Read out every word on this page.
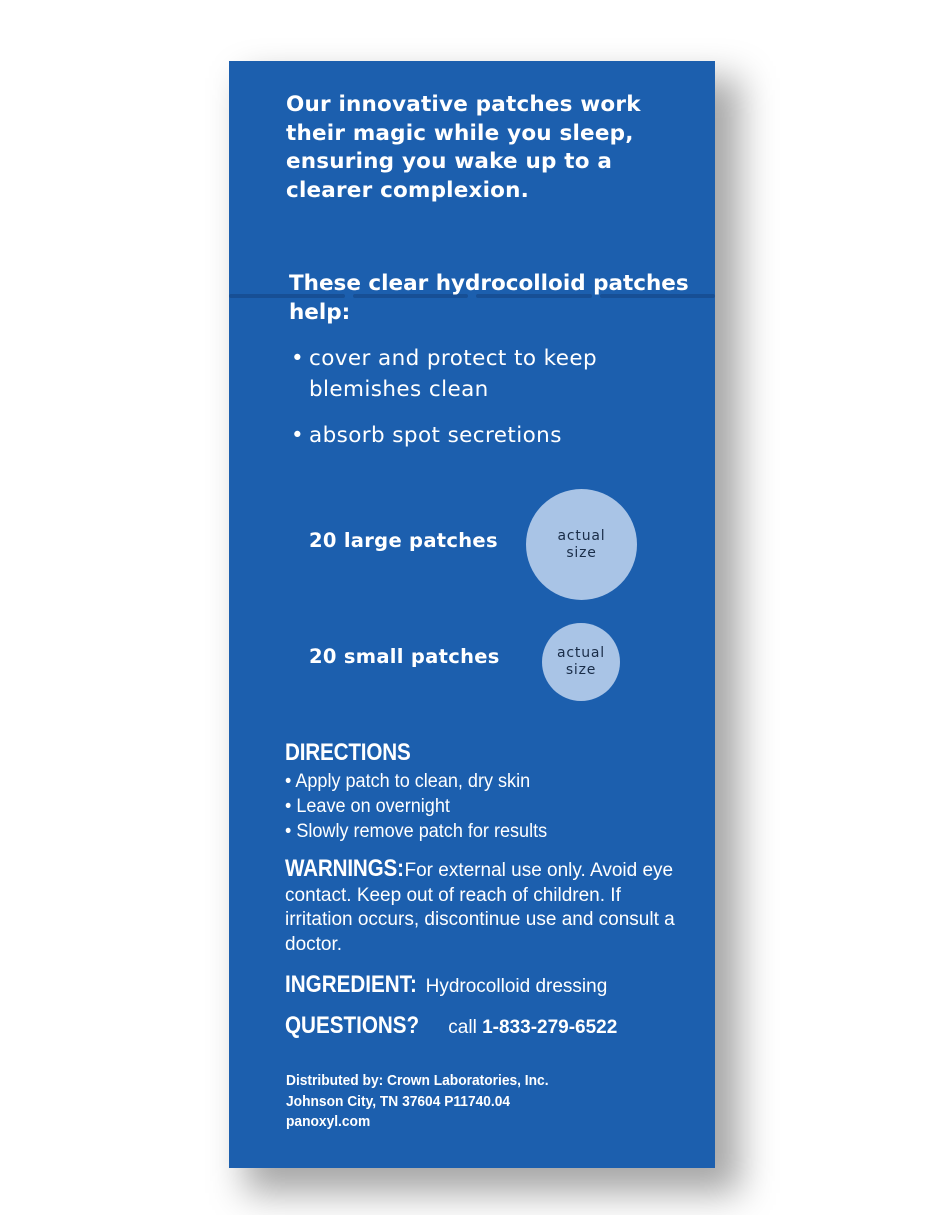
Our innovative patches work their magic while you sleep, ensuring you wake up to a clearer complexion.
These clear hydrocolloid patches help:
• cover and protect to keep blemishes clean
• absorb spot secretions
20 large patches	actual
size
20 small patches	actual
size
DIRECTIONS
• Apply patch to clean, dry skin
• Leave on overnight
• Slowly remove patch for results
WARNINGS: For external use only. Avoid eye contact. Keep out of reach of children. If irritation occurs, discontinue use and consult a doctor.
INGREDIENT: Hydrocolloid dressing
QUESTIONS? call 1-833-279-6522
Distributed by: Crown Laboratories, Inc.
Johnson City, TN 37604 P11740.04
panoxyl.com
